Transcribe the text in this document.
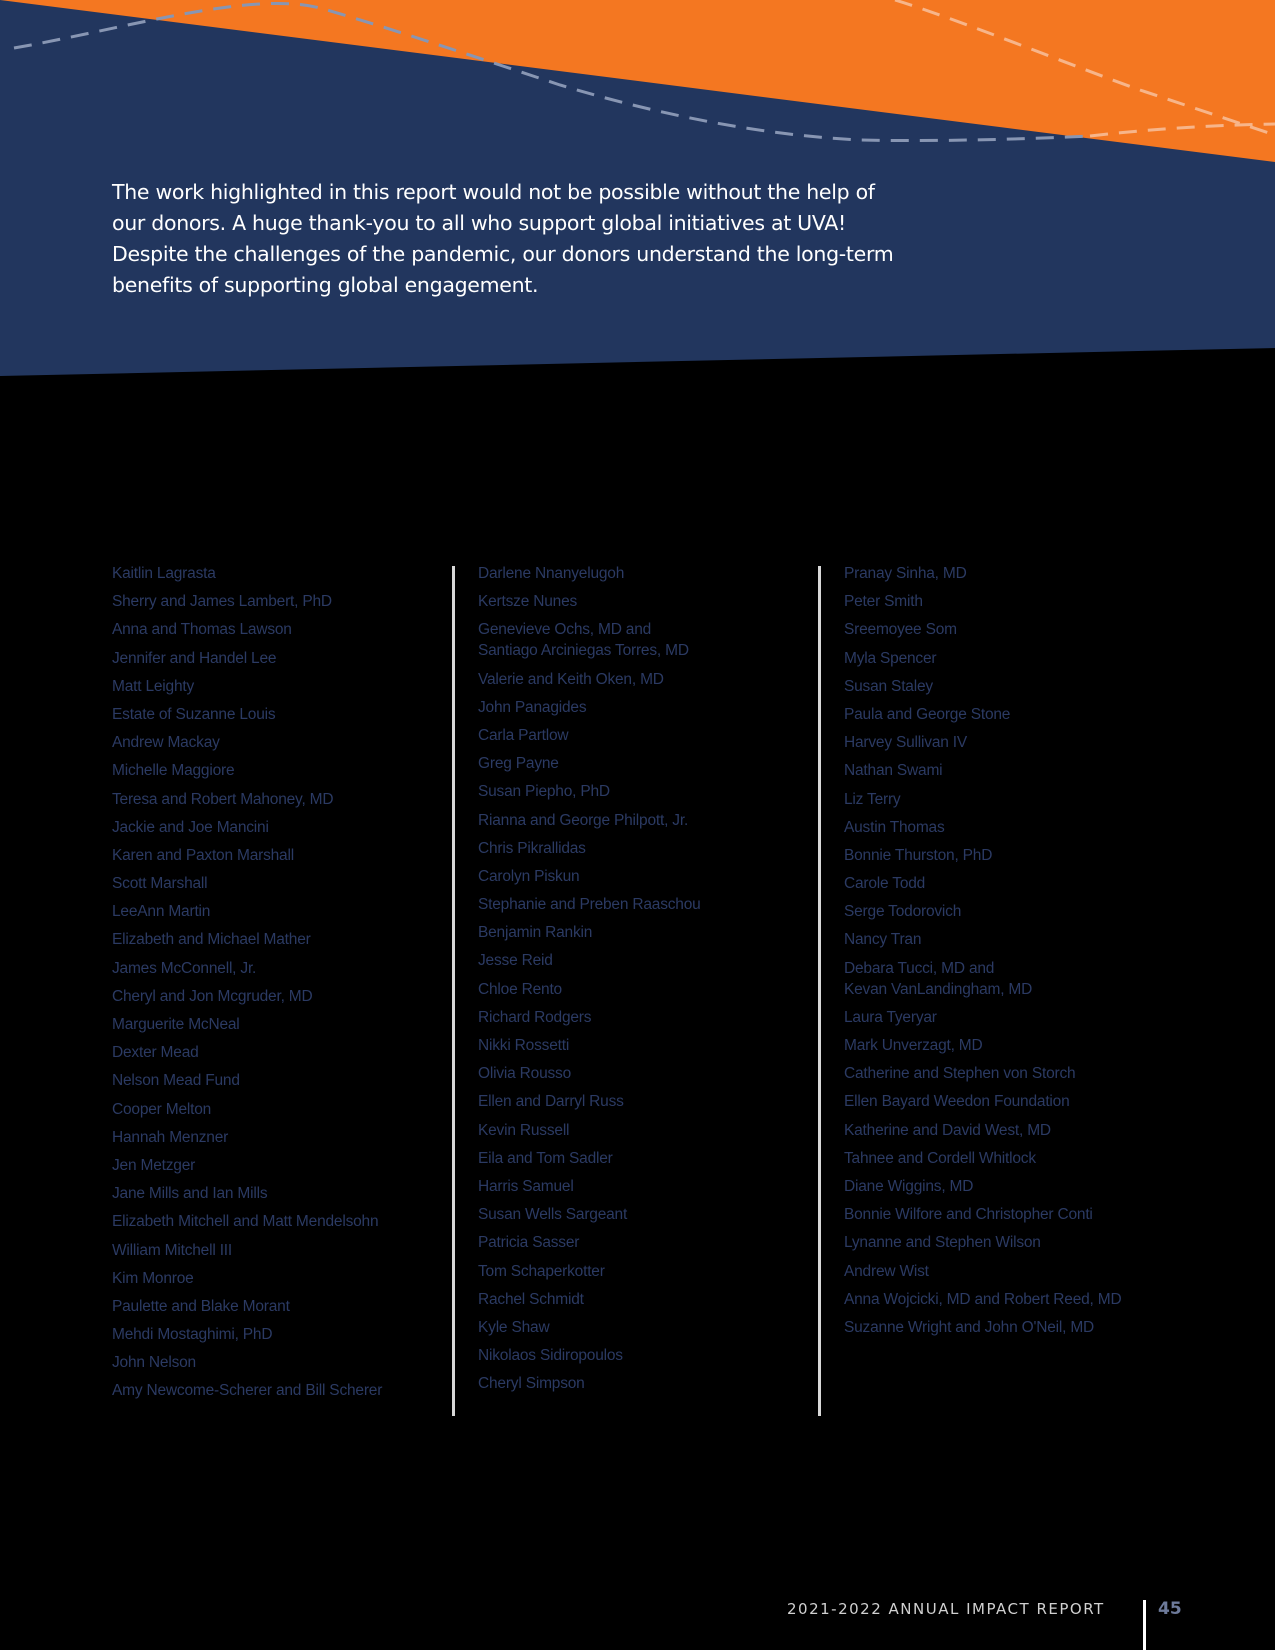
The work highlighted in this report would not be possible without the help of our donors. A huge thank-you to all who support global initiatives at UVA! Despite the challenges of the pandemic, our donors understand the long-term benefits of supporting global engagement.

Kaitlin Lagrasta
Sherry and James Lambert, PhD
Anna and Thomas Lawson
Jennifer and Handel Lee
Matt Leighty
Estate of Suzanne Louis
Andrew Mackay
Michelle Maggiore
Teresa and Robert Mahoney, MD
Jackie and Joe Mancini
Karen and Paxton Marshall
Scott Marshall
LeeAnn Martin
Elizabeth and Michael Mather
James McConnell, Jr.
Cheryl and Jon Mcgruder, MD
Marguerite McNeal
Dexter Mead
Nelson Mead Fund
Cooper Melton
Hannah Menzner
Jen Metzger
Jane Mills and Ian Mills
Elizabeth Mitchell and Matt Mendelsohn
William Mitchell III
Kim Monroe
Paulette and Blake Morant
Mehdi Mostaghimi, PhD
John Nelson
Amy Newcome-Scherer and Bill Scherer
Darlene Nnanyelugoh
Kertsze Nunes
Genevieve Ochs, MD and
Santiago Arciniegas Torres, MD
Valerie and Keith Oken, MD
John Panagides
Carla Partlow
Greg Payne
Susan Piepho, PhD
Rianna and George Philpott, Jr.
Chris Pikrallidas
Carolyn Piskun
Stephanie and Preben Raaschou
Benjamin Rankin
Jesse Reid
Chloe Rento
Richard Rodgers
Nikki Rossetti
Olivia Rousso
Ellen and Darryl Russ
Kevin Russell
Eila and Tom Sadler
Harris Samuel
Susan Wells Sargeant
Patricia Sasser
Tom Schaperkotter
Rachel Schmidt
Kyle Shaw
Nikolaos Sidiropoulos
Cheryl Simpson
Pranay Sinha, MD
Peter Smith
Sreemoyee Som
Myla Spencer
Susan Staley
Paula and George Stone
Harvey Sullivan IV
Nathan Swami
Liz Terry
Austin Thomas
Bonnie Thurston, PhD
Carole Todd
Serge Todorovich
Nancy Tran
Debara Tucci, MD and
Kevan VanLandingham, MD
Laura Tyeryar
Mark Unverzagt, MD
Catherine and Stephen von Storch
Ellen Bayard Weedon Foundation
Katherine and David West, MD
Tahnee and Cordell Whitlock
Diane Wiggins, MD
Bonnie Wilfore and Christopher Conti
Lynanne and Stephen Wilson
Andrew Wist
Anna Wojcicki, MD and Robert Reed, MD
Suzanne Wright and John O'Neil, MD
2021-2022 ANNUAL IMPACT REPORT	45
